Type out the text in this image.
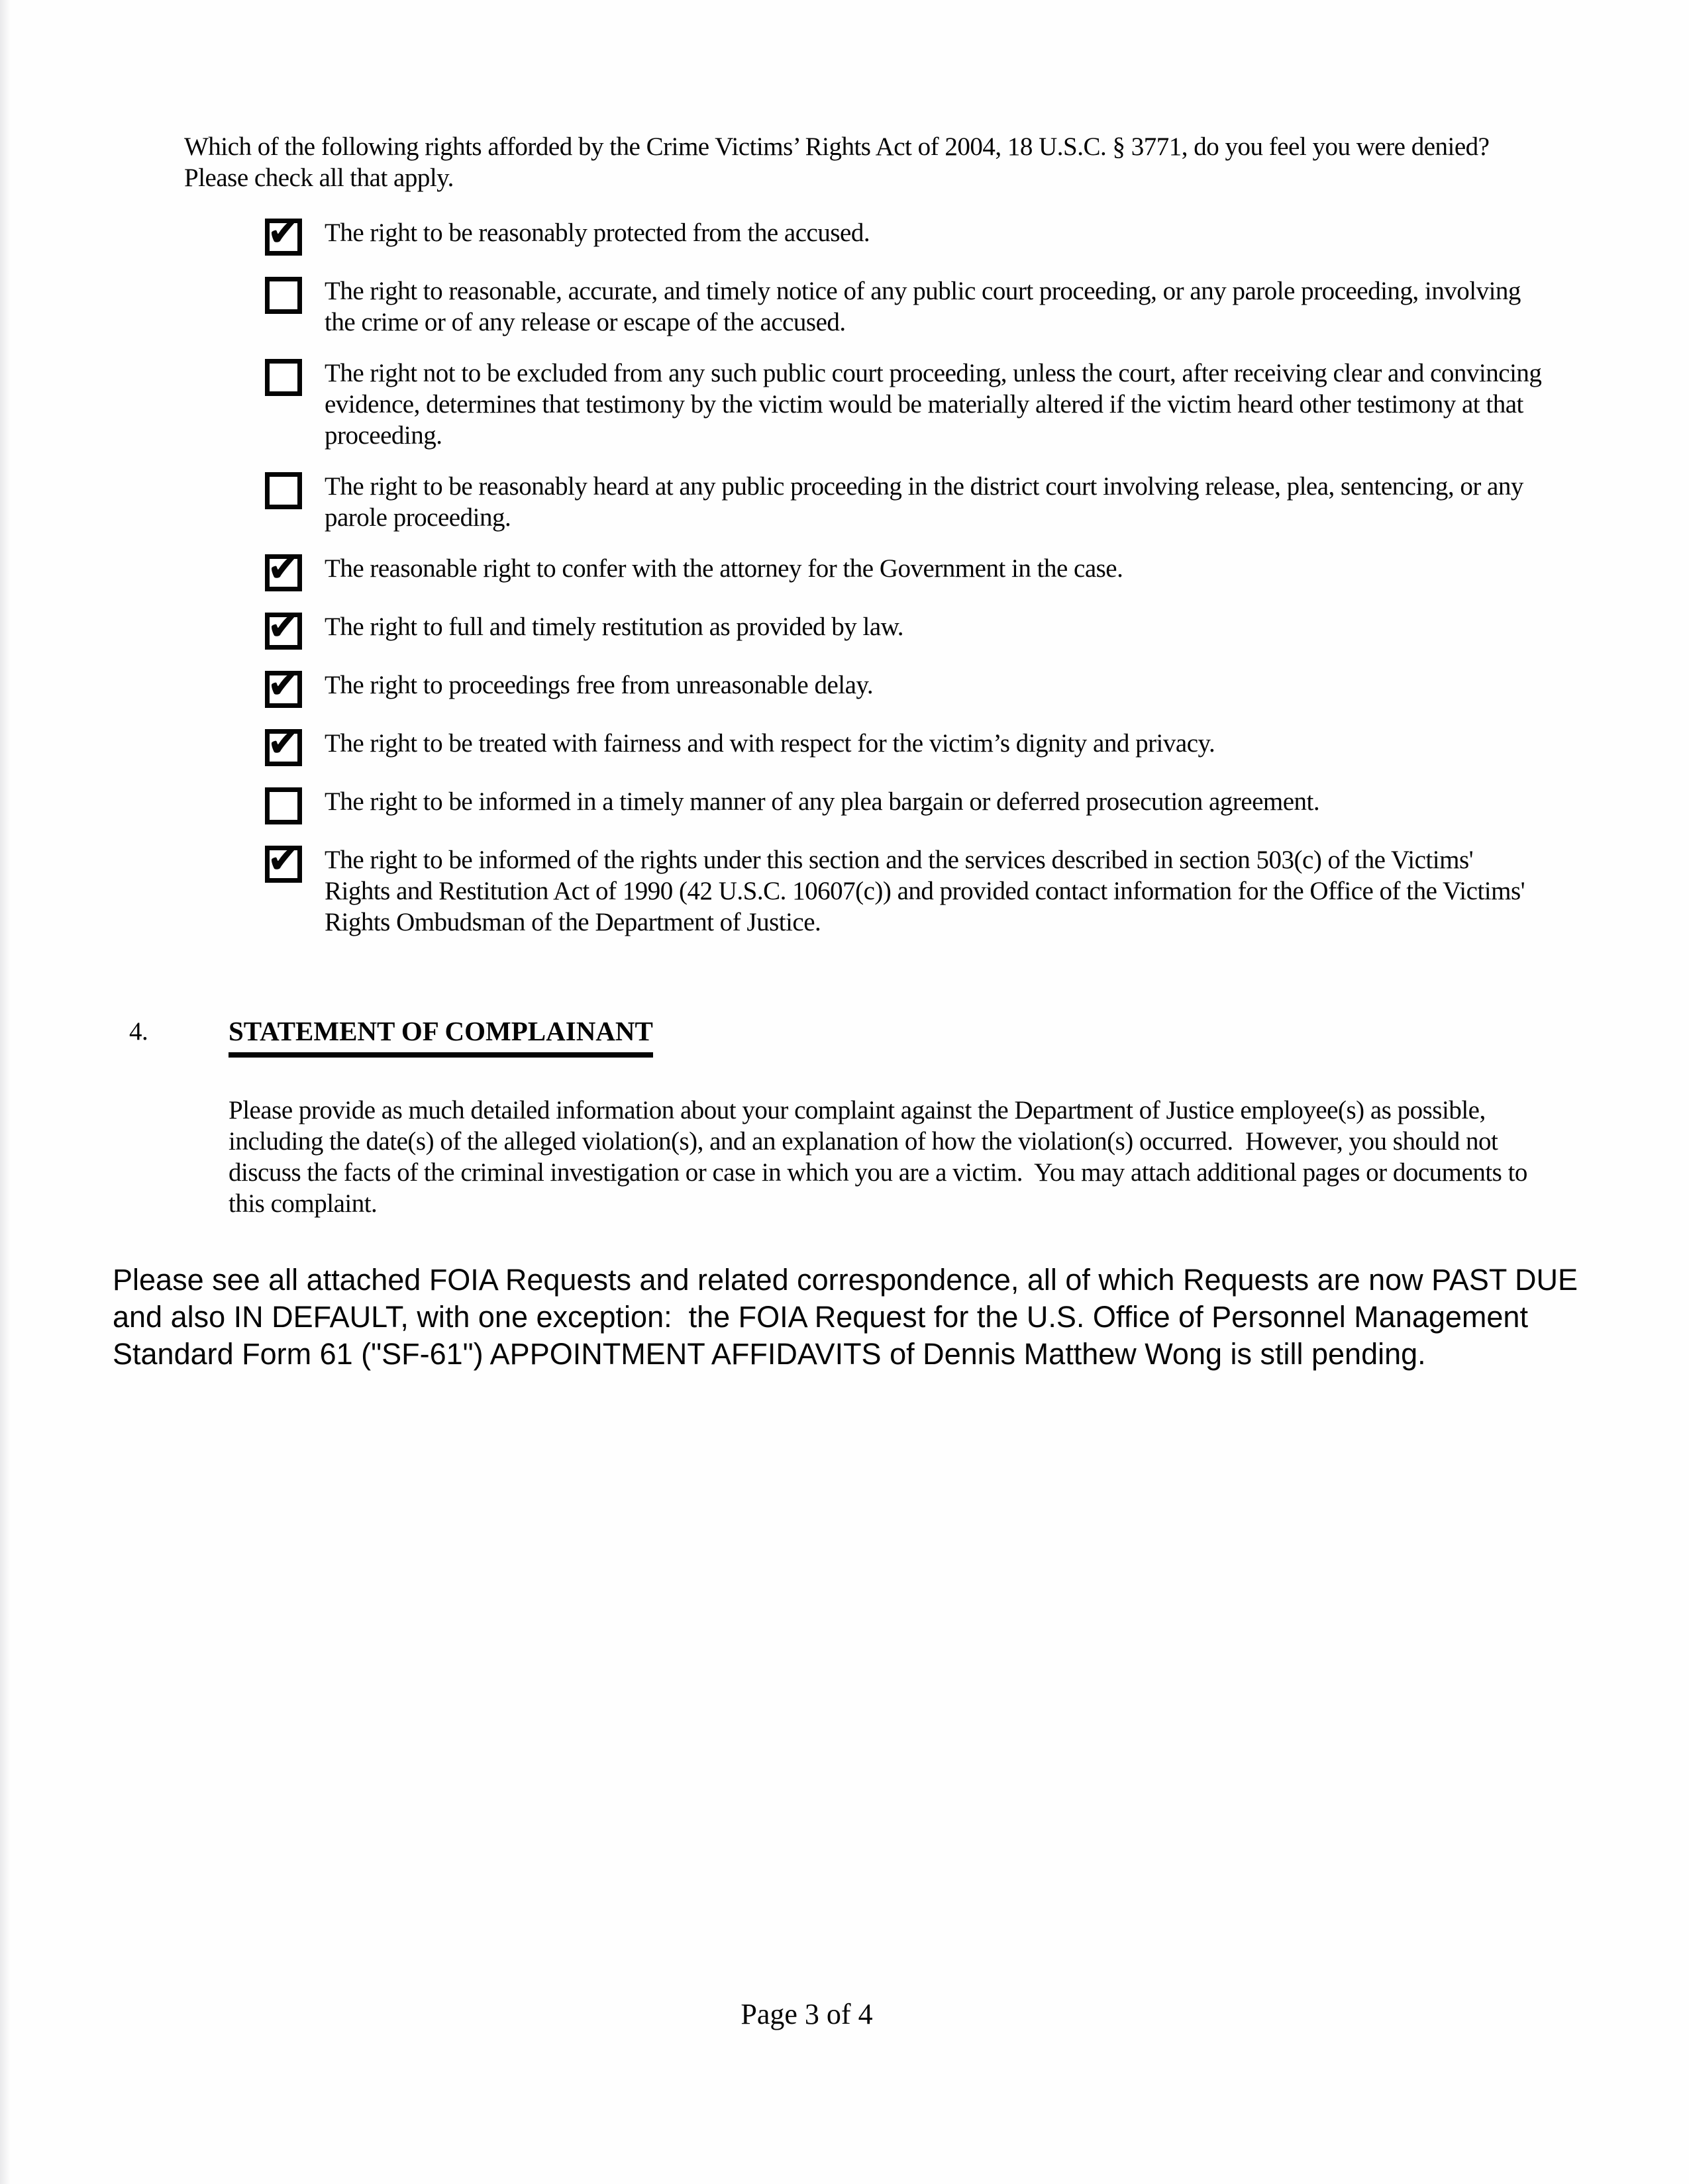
Which of the following rights afforded by the Crime Victims’ Rights Act of 2004, 18 U.S.C. § 3771, do you feel you were denied?  Please check all that apply.

✔ The right to be reasonably protected from the accused.

The right to reasonable, accurate, and timely notice of any public court proceeding, or any parole proceeding, involving the crime or of any release or escape of the accused.

The right not to be excluded from any such public court proceeding, unless the court, after receiving clear and convincing evidence, determines that testimony by the victim would be materially altered if the victim heard other testimony at that proceeding.

The right to be reasonably heard at any public proceeding in the district court involving release, plea, sentencing, or any parole proceeding.

✔ The reasonable right to confer with the attorney for the Government in the case.

✔ The right to full and timely restitution as provided by law.

✔ The right to proceedings free from unreasonable delay.

✔ The right to be treated with fairness and with respect for the victim’s dignity and privacy.

The right to be informed in a timely manner of any plea bargain or deferred prosecution agreement.

✔ The right to be informed of the rights under this section and the services described in section 503(c) of the Victims' Rights and Restitution Act of 1990 (42 U.S.C. 10607(c)) and provided contact information for the Office of the Victims' Rights Ombudsman of the Department of Justice.

4.	STATEMENT OF COMPLAINANT

Please provide as much detailed information about your complaint against the Department of Justice employee(s) as possible, including the date(s) of the alleged violation(s), and an explanation of how the violation(s) occurred.  However, you should not discuss the facts of the criminal investigation or case in which you are a victim.  You may attach additional pages or documents to this complaint.

Please see all attached FOIA Requests and related correspondence, all of which Requests are now PAST DUE and also IN DEFAULT, with one exception:  the FOIA Request for the U.S. Office of Personnel Management Standard Form 61 ("SF-61") APPOINTMENT AFFIDAVITS of Dennis Matthew Wong is still pending.

Page 3 of 4
